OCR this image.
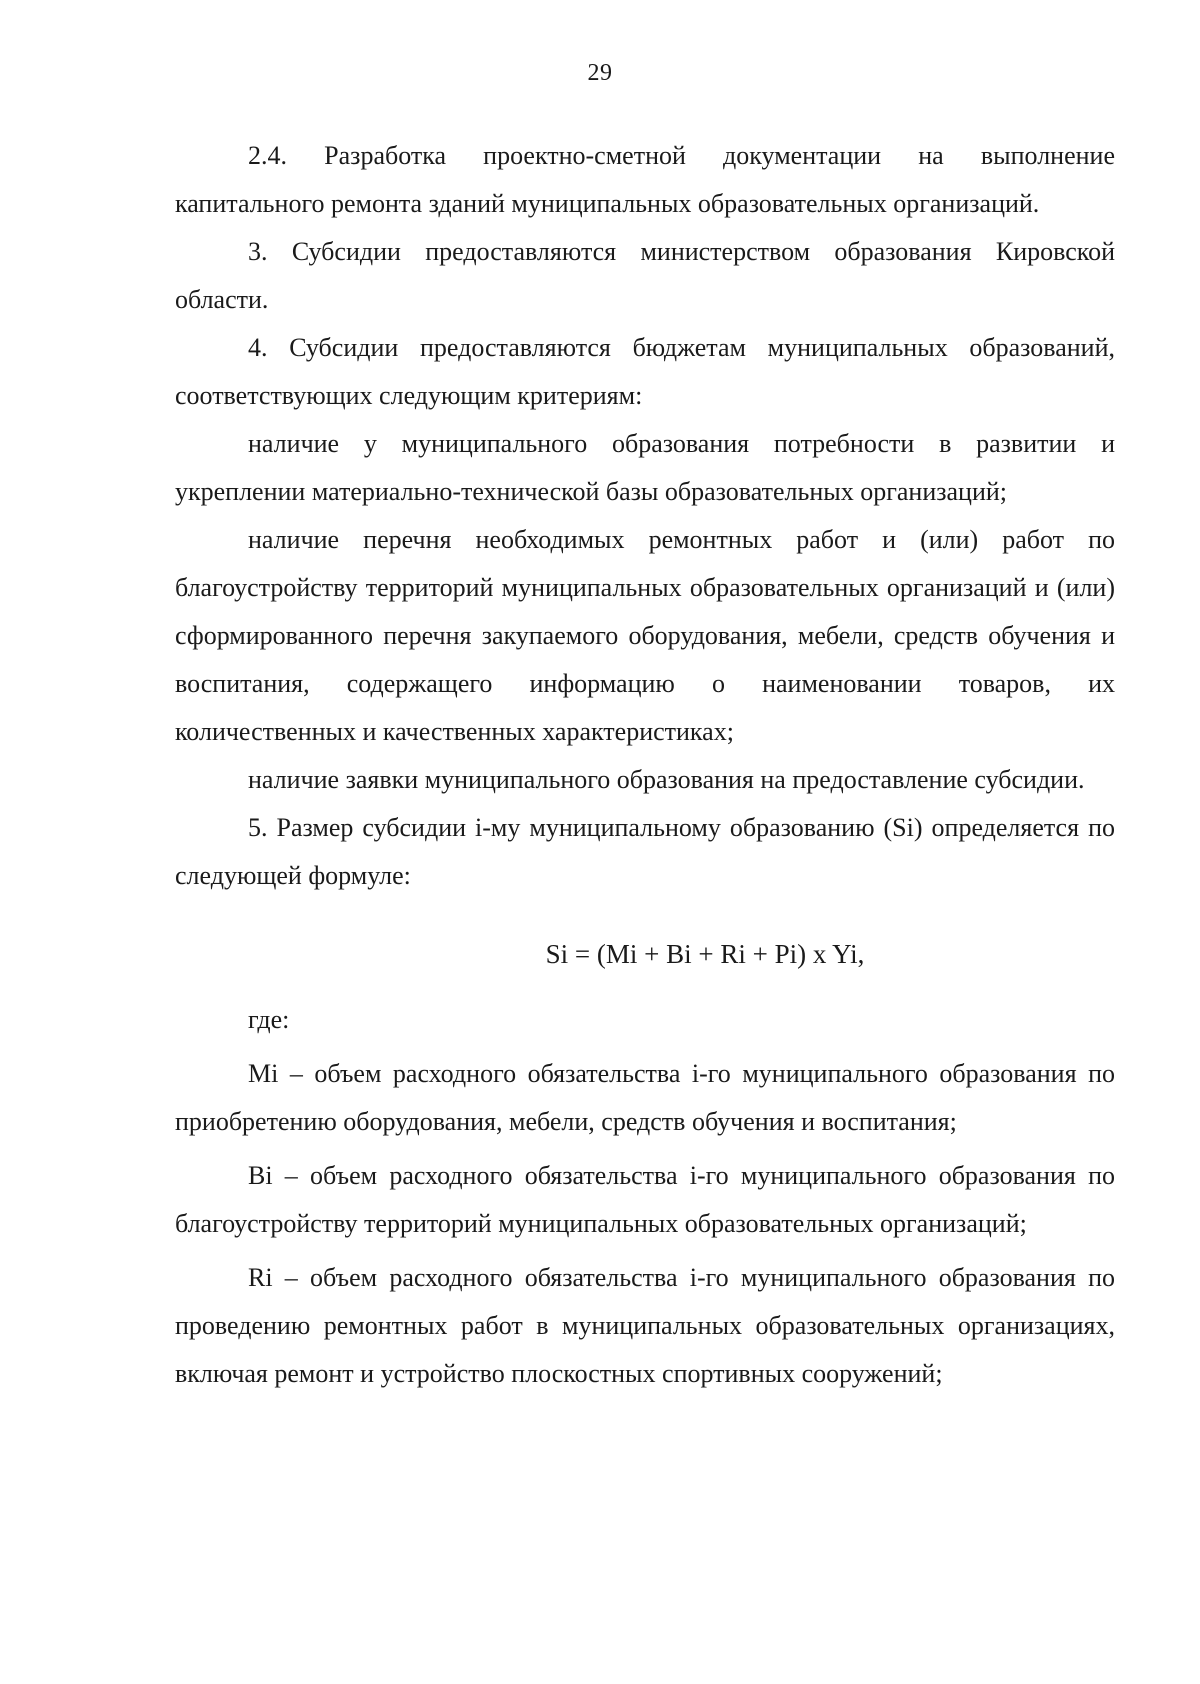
29

2.4. Разработка проектно-сметной документации на выполнение капитального ремонта зданий муниципальных образовательных организаций.

3. Субсидии предоставляются министерством образования Кировской области.

4. Субсидии предоставляются бюджетам муниципальных образований, соответствующих следующим критериям:

наличие у муниципального образования потребности в развитии и укреплении материально-технической базы образовательных организаций;

наличие перечня необходимых ремонтных работ и (или) работ по благоустройству территорий муниципальных образовательных организаций и (или) сформированного перечня закупаемого оборудования, мебели, средств обучения и воспитания, содержащего информацию о наименовании товаров, их количественных и качественных характеристиках;

наличие заявки муниципального образования на предоставление субсидии.

5. Размер субсидии i-му муниципальному образованию (Si) определяется по следующей формуле:

Si = (Mi + Bi + Ri + Pi) x Yi,

где:

Mi – объем расходного обязательства i-го муниципального образования по приобретению оборудования, мебели, средств обучения и воспитания;

Bi – объем расходного обязательства i-го муниципального образования по благоустройству территорий муниципальных образовательных организаций;

Ri – объем расходного обязательства i-го муниципального образования по проведению ремонтных работ в муниципальных образовательных организациях, включая ремонт и устройство плоскостных спортивных сооружений;
